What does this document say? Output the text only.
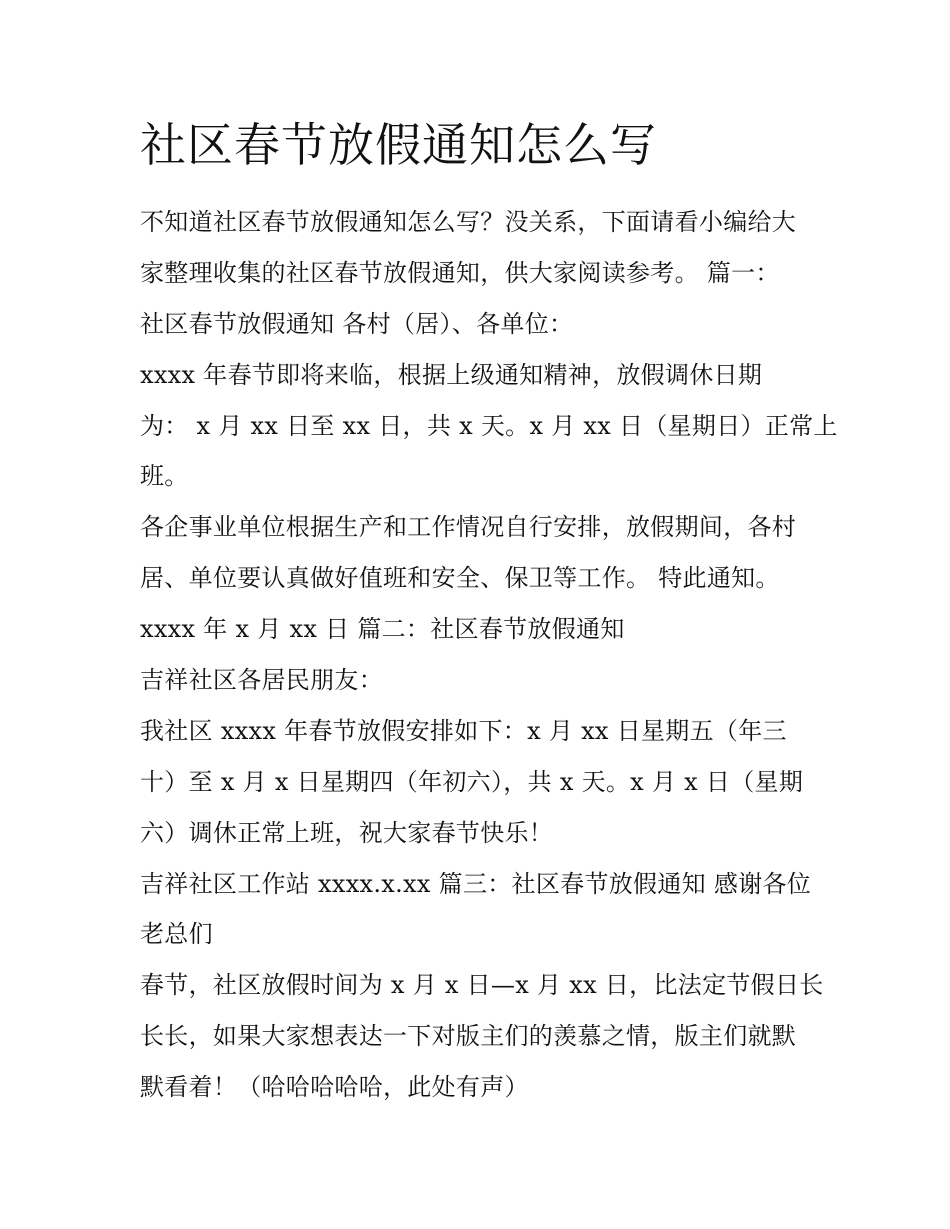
社区春节放假通知怎么写
不知道社区春节放假通知怎么写？没关系，下面请看小编给大
家整理收集的社区春节放假通知，供大家阅读参考。 篇一：
社区春节放假通知 各村（居）、各单位：
xxxx 年春节即将来临，根据上级通知精神，放假调休日期
为： x 月 xx 日至 xx 日，共 x 天。x 月 xx 日（星期日）正常上
班。
各企事业单位根据生产和工作情况自行安排，放假期间，各村
居、单位要认真做好值班和安全、保卫等工作。 特此通知。
xxxx 年 x 月 xx 日 篇二：社区春节放假通知
吉祥社区各居民朋友：
我社区 xxxx 年春节放假安排如下：x 月 xx 日星期五（年三
十）至 x 月 x 日星期四（年初六），共 x 天。x 月 x 日（星期
六）调休正常上班，祝大家春节快乐！
吉祥社区工作站 xxxx.x.xx 篇三：社区春节放假通知 感谢各位
老总们
春节，社区放假时间为 x 月 x 日—x 月 xx 日，比法定节假日长
长长，如果大家想表达一下对版主们的羡慕之情，版主们就默
默看着！（哈哈哈哈哈，此处有声）
